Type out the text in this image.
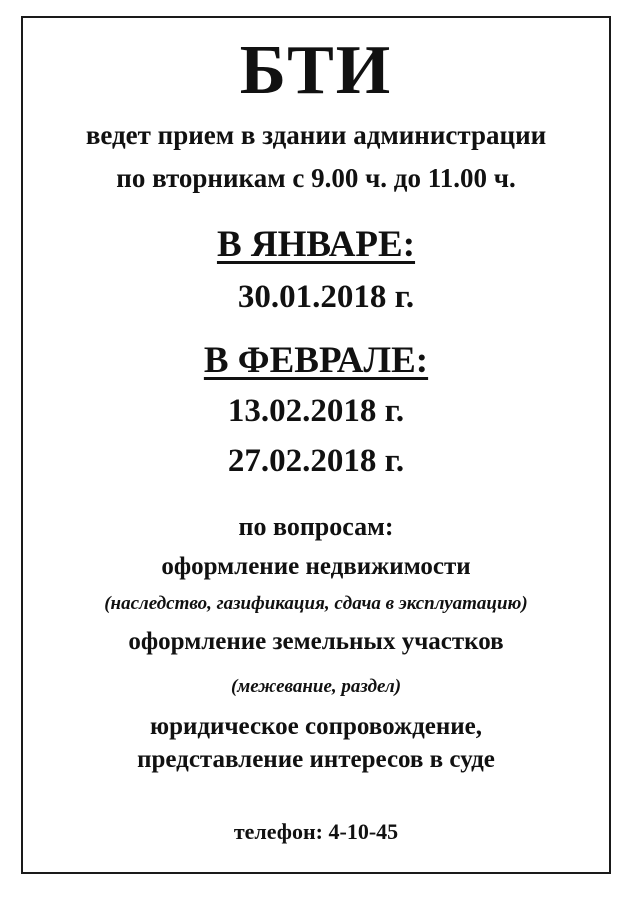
БТИ
ведет прием в здании администрации
по вторникам с 9.00 ч. до 11.00 ч.
В ЯНВАРЕ:
30.01.2018 г.
В ФЕВРАЛЕ:
13.02.2018 г.
27.02.2018 г.
по вопросам:
оформление недвижимости
(наследство, газификация, сдача в эксплуатацию)
оформление земельных участков
(межевание, раздел)
юридическое сопровождение,
представление интересов в суде
телефон: 4-10-45
